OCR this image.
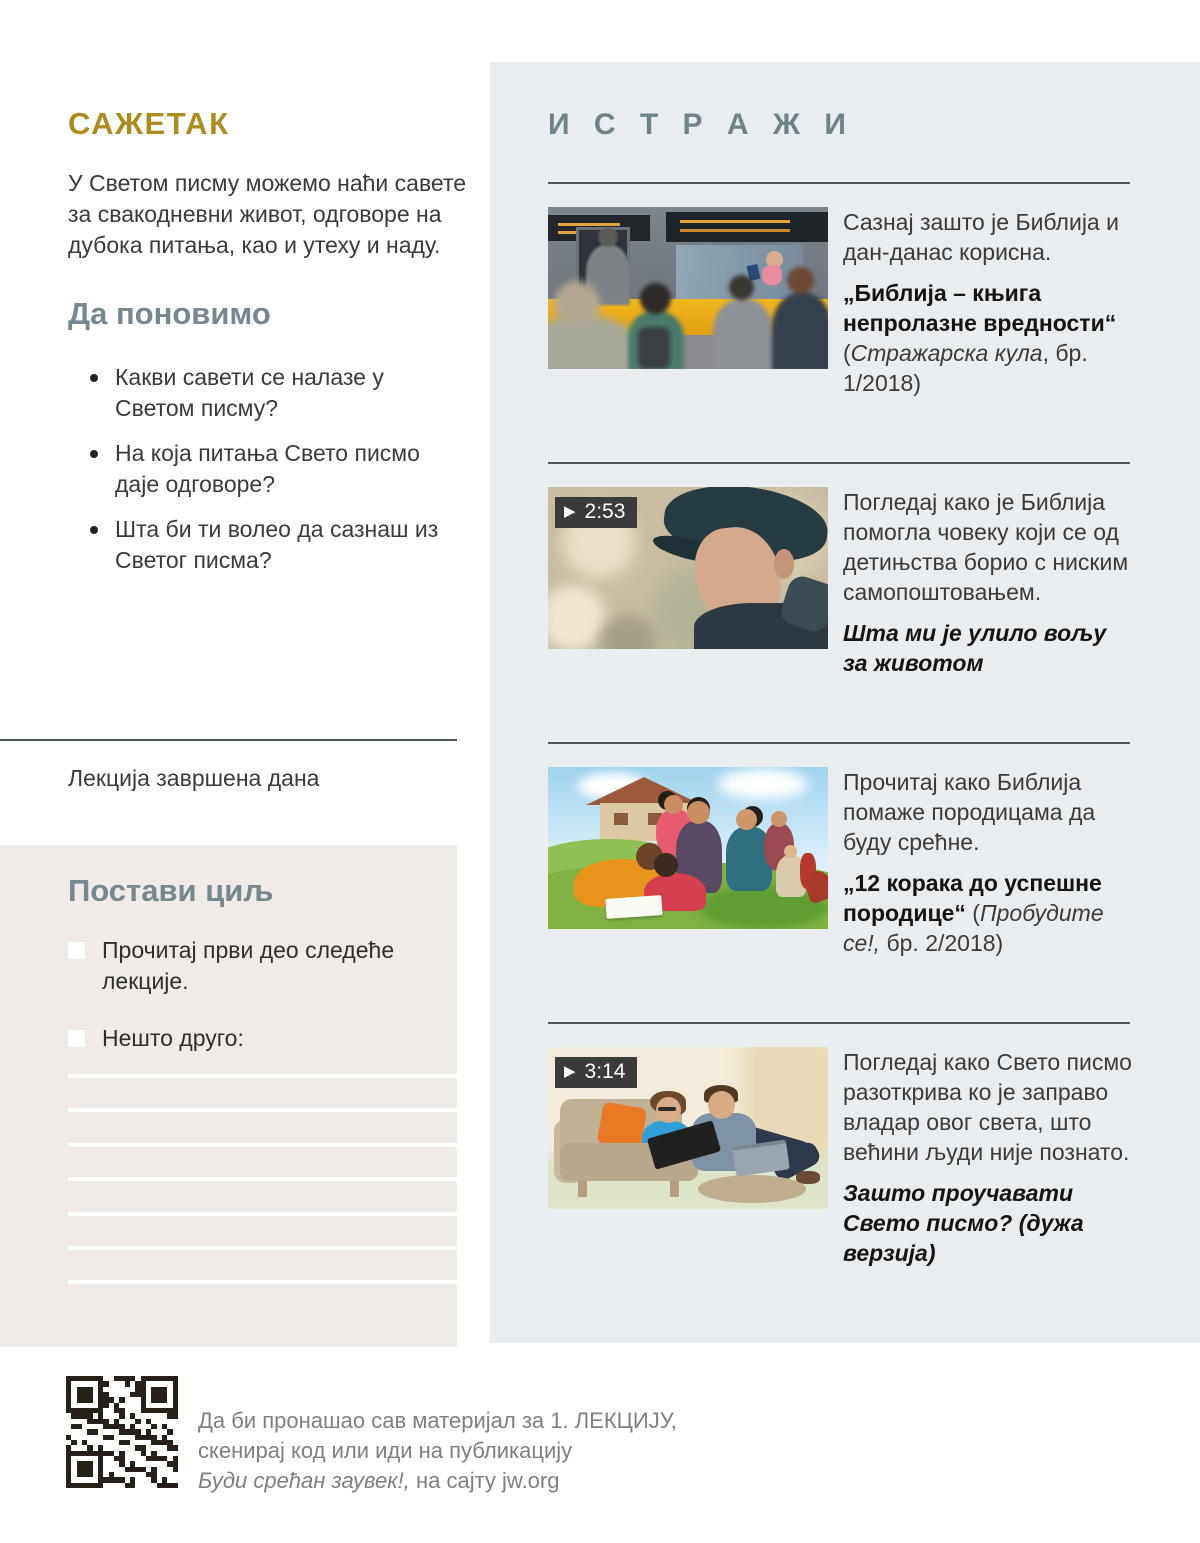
САЖЕТАК

У Светом писму можемо наћи савете за свакодневни живот, одговоре на дубока питања, као и утеху и наду.

Да поновимо
Какви савети се налазе у Светом писму?
На која питања Свето писмо даје одговоре?
Шта би ти волео да сазнаш из Светог писма?

Лекција завршена дана

Постави циљ
Прочитај први део следеће лекције.
Нешто друго:
И С Т Р А Ж И

Сазнај зашто је Библија и дан-данас корисна.

„Библија – књига непролазне вредности“ (Стражарска кула, бр. 1/2018)

▶ 2:53	Погледај како је Библија помогла човеку који се од детињства борио с ниским самопоштовањем.

Шта ми је улило вољу за животом

Прочитај како Библија помаже породицама да буду срећне.

„12 корака до успешне породице“ (Пробудите се!, бр. 2/2018)

▶ 3:14	Погледај како Свето писмо разоткрива ко је заправо владар овог света, што већини људи није познато.

Зашто проучавати Свето писмо? (дужа верзија)

Да би пронашао сав материјал за 1. ЛЕКЦИЈУ,

скенирај код или иди на публикацију

Буди срећан заувек!, на сајту jw.org
